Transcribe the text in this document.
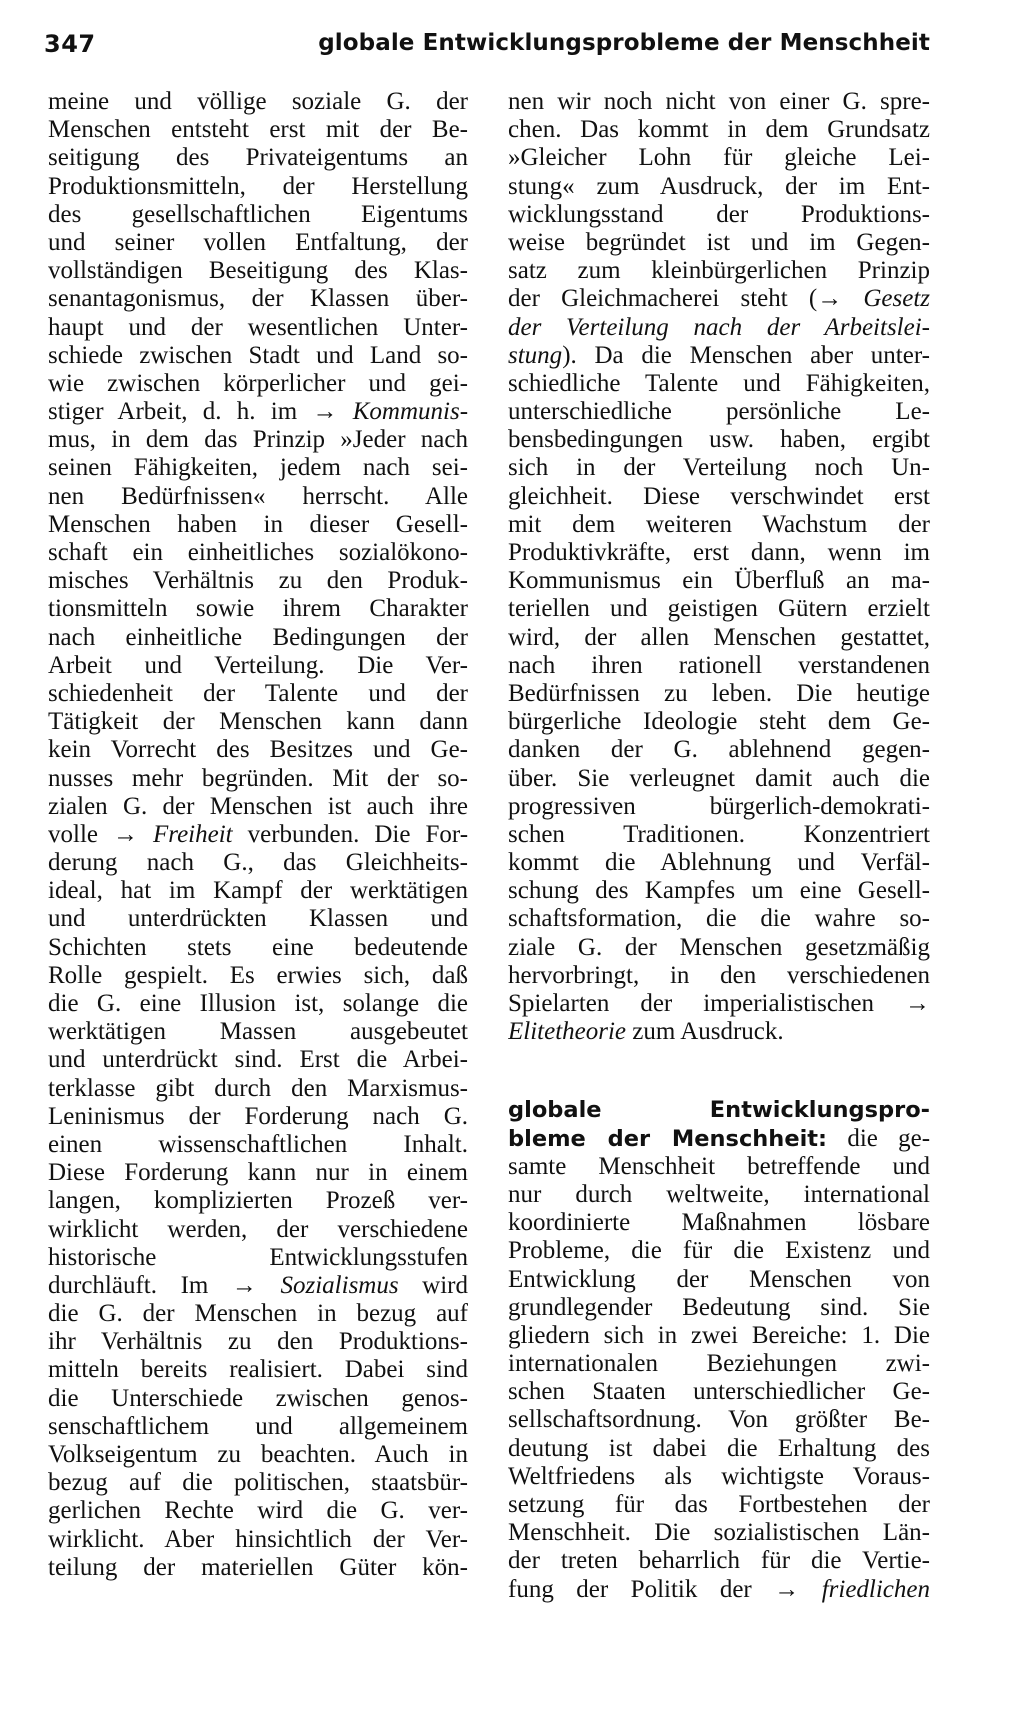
347	globale Entwicklungsprobleme der Menschheit
meine und völlige soziale G. der
Menschen entsteht erst mit der Be-
seitigung des Privateigentums an
Produktionsmitteln, der Herstellung
des gesellschaftlichen Eigentums
und seiner vollen Entfaltung, der
vollständigen Beseitigung des Klas-
senantagonismus, der Klassen über-
haupt und der wesentlichen Unter-
schiede zwischen Stadt und Land so-
wie zwischen körperlicher und gei-
stiger Arbeit, d. h. im → Kommunis-
mus, in dem das Prinzip »Jeder nach
seinen Fähigkeiten, jedem nach sei-
nen Bedürfnissen« herrscht. Alle
Menschen haben in dieser Gesell-
schaft ein einheitliches sozialökono-
misches Verhältnis zu den Produk-
tionsmitteln sowie ihrem Charakter
nach einheitliche Bedingungen der
Arbeit und Verteilung. Die Ver-
schiedenheit der Talente und der
Tätigkeit der Menschen kann dann
kein Vorrecht des Besitzes und Ge-
nusses mehr begründen. Mit der so-
zialen G. der Menschen ist auch ihre
volle → Freiheit verbunden. Die For-
derung nach G., das Gleichheits-
ideal, hat im Kampf der werktätigen
und unterdrückten Klassen und
Schichten stets eine bedeutende
Rolle gespielt. Es erwies sich, daß
die G. eine Illusion ist, solange die
werktätigen Massen ausgebeutet
und unterdrückt sind. Erst die Arbei-
terklasse gibt durch den Marxismus-
Leninismus der Forderung nach G.
einen wissenschaftlichen Inhalt.
Diese Forderung kann nur in einem
langen, komplizierten Prozeß ver-
wirklicht werden, der verschiedene
historische Entwicklungsstufen
durchläuft. Im → Sozialismus wird
die G. der Menschen in bezug auf
ihr Verhältnis zu den Produktions-
mitteln bereits realisiert. Dabei sind
die Unterschiede zwischen genos-
senschaftlichem und allgemeinem
Volkseigentum zu beachten. Auch in
bezug auf die politischen, staatsbür-
gerlichen Rechte wird die G. ver-
wirklicht. Aber hinsichtlich der Ver-
teilung der materiellen Güter kön-
nen wir noch nicht von einer G. spre-
chen. Das kommt in dem Grundsatz
»Gleicher Lohn für gleiche Lei-
stung« zum Ausdruck, der im Ent-
wicklungsstand der Produktions-
weise begründet ist und im Gegen-
satz zum kleinbürgerlichen Prinzip
der Gleichmacherei steht (→ Gesetz
der Verteilung nach der Arbeitslei-
stung). Da die Menschen aber unter-
schiedliche Talente und Fähigkeiten,
unterschiedliche persönliche Le-
bensbedingungen usw. haben, ergibt
sich in der Verteilung noch Un-
gleichheit. Diese verschwindet erst
mit dem weiteren Wachstum der
Produktivkräfte, erst dann, wenn im
Kommunismus ein Überfluß an ma-
teriellen und geistigen Gütern erzielt
wird, der allen Menschen gestattet,
nach ihren rationell verstandenen
Bedürfnissen zu leben. Die heutige
bürgerliche Ideologie steht dem Ge-
danken der G. ablehnend gegen-
über. Sie verleugnet damit auch die
progressiven bürgerlich-demokrati-
schen Traditionen. Konzentriert
kommt die Ablehnung und Verfäl-
schung des Kampfes um eine Gesell-
schaftsformation, die die wahre so-
ziale G. der Menschen gesetzmäßig
hervorbringt, in den verschiedenen
Spielarten der imperialistischen →
Elitetheorie zum Ausdruck.
globale Entwicklungspro-
bleme der Menschheit: die ge-
samte Menschheit betreffende und
nur durch weltweite, international
koordinierte Maßnahmen lösbare
Probleme, die für die Existenz und
Entwicklung der Menschen von
grundlegender Bedeutung sind. Sie
gliedern sich in zwei Bereiche: 1. Die
internationalen Beziehungen zwi-
schen Staaten unterschiedlicher Ge-
sellschaftsordnung. Von größter Be-
deutung ist dabei die Erhaltung des
Weltfriedens als wichtigste Voraus-
setzung für das Fortbestehen der
Menschheit. Die sozialistischen Län-
der treten beharrlich für die Vertie-
fung der Politik der → friedlichen
